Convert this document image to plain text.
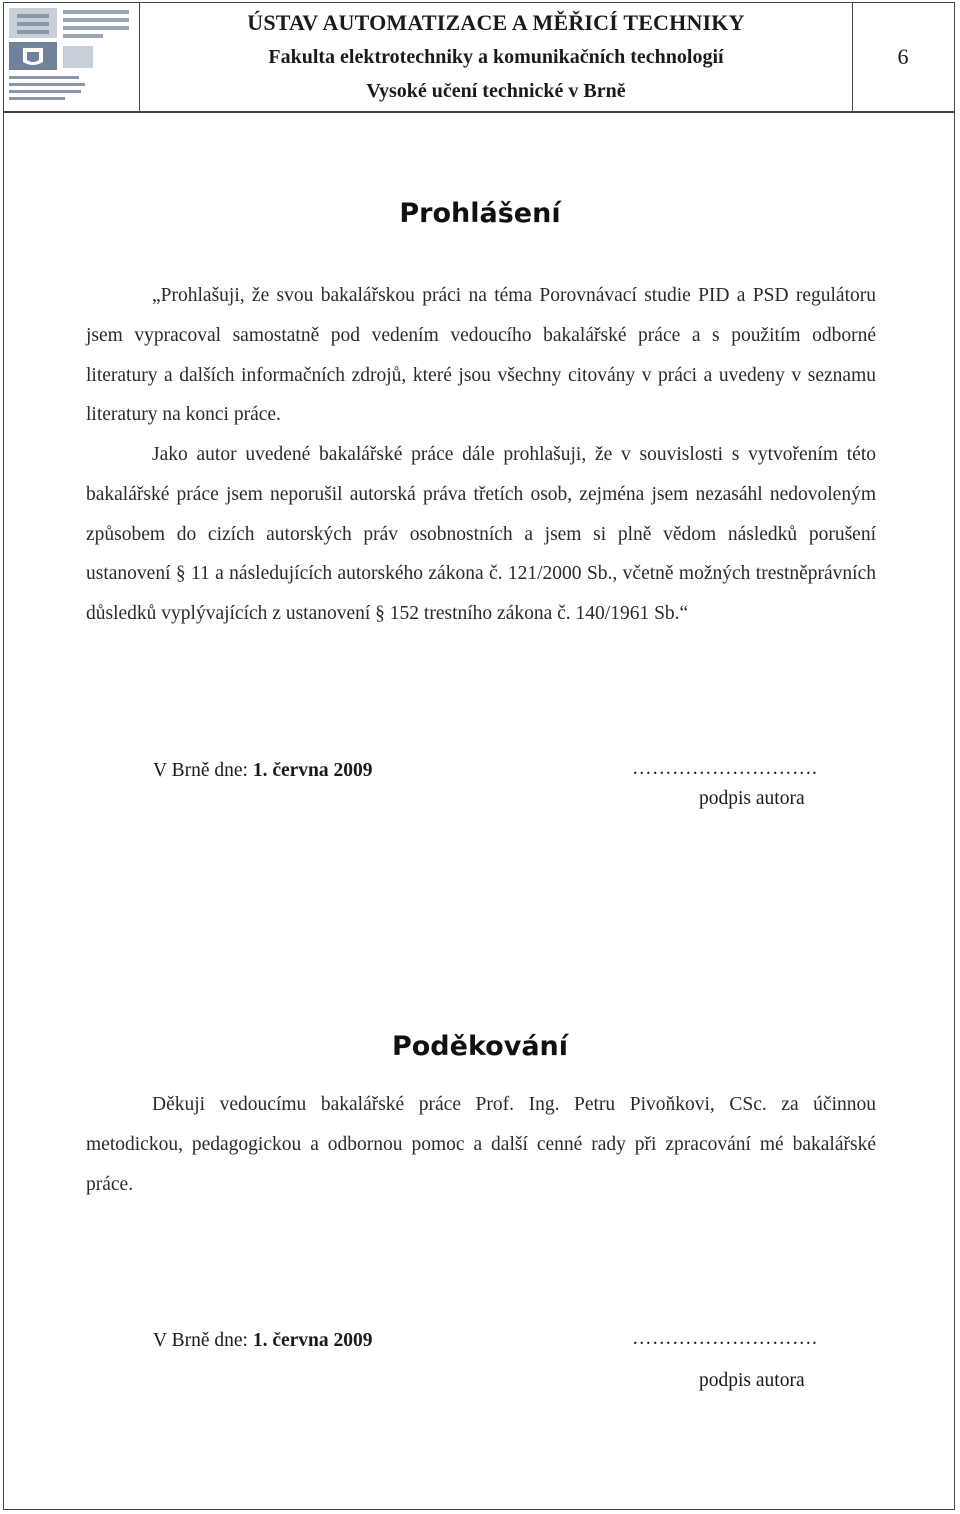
ÚSTAV AUTOMATIZACE A MĚŘICÍ TECHNIKY
Fakulta elektrotechniky a komunikačních technologií
Vysoké učení technické v Brně
6
Prohlášení

„Prohlašuji, že svou bakalářskou práci na téma Porovnávací studie PID a PSD regulátoru jsem vypracoval samostatně pod vedením vedoucího bakalářské práce a s použitím odborné literatury a dalších informačních zdrojů, které jsou všechny citovány v práci a uvedeny v seznamu literatury na konci práce.

Jako autor uvedené bakalářské práce dále prohlašuji, že v souvislosti s vytvořením této bakalářské práce jsem neporušil autorská práva třetích osob, zejména jsem nezasáhl nedovoleným způsobem do cizích autorských práv osobnostních a jsem si plně vědom následků porušení ustanovení § 11 a následujících autorského zákona č. 121/2000 Sb., včetně možných trestněprávních důsledků vyplývajících z ustanovení § 152 trestního zákona č. 140/1961 Sb.“

V Brně dne: 1. června 2009	……………………….
podpis autora
Poděkování

Děkuji vedoucímu bakalářské práce Prof. Ing. Petru Pivoňkovi, CSc. za účinnou metodickou, pedagogickou a odbornou pomoc a další cenné rady při zpracování mé bakalářské práce.

V Brně dne: 1. června 2009	……………………….
podpis autora
